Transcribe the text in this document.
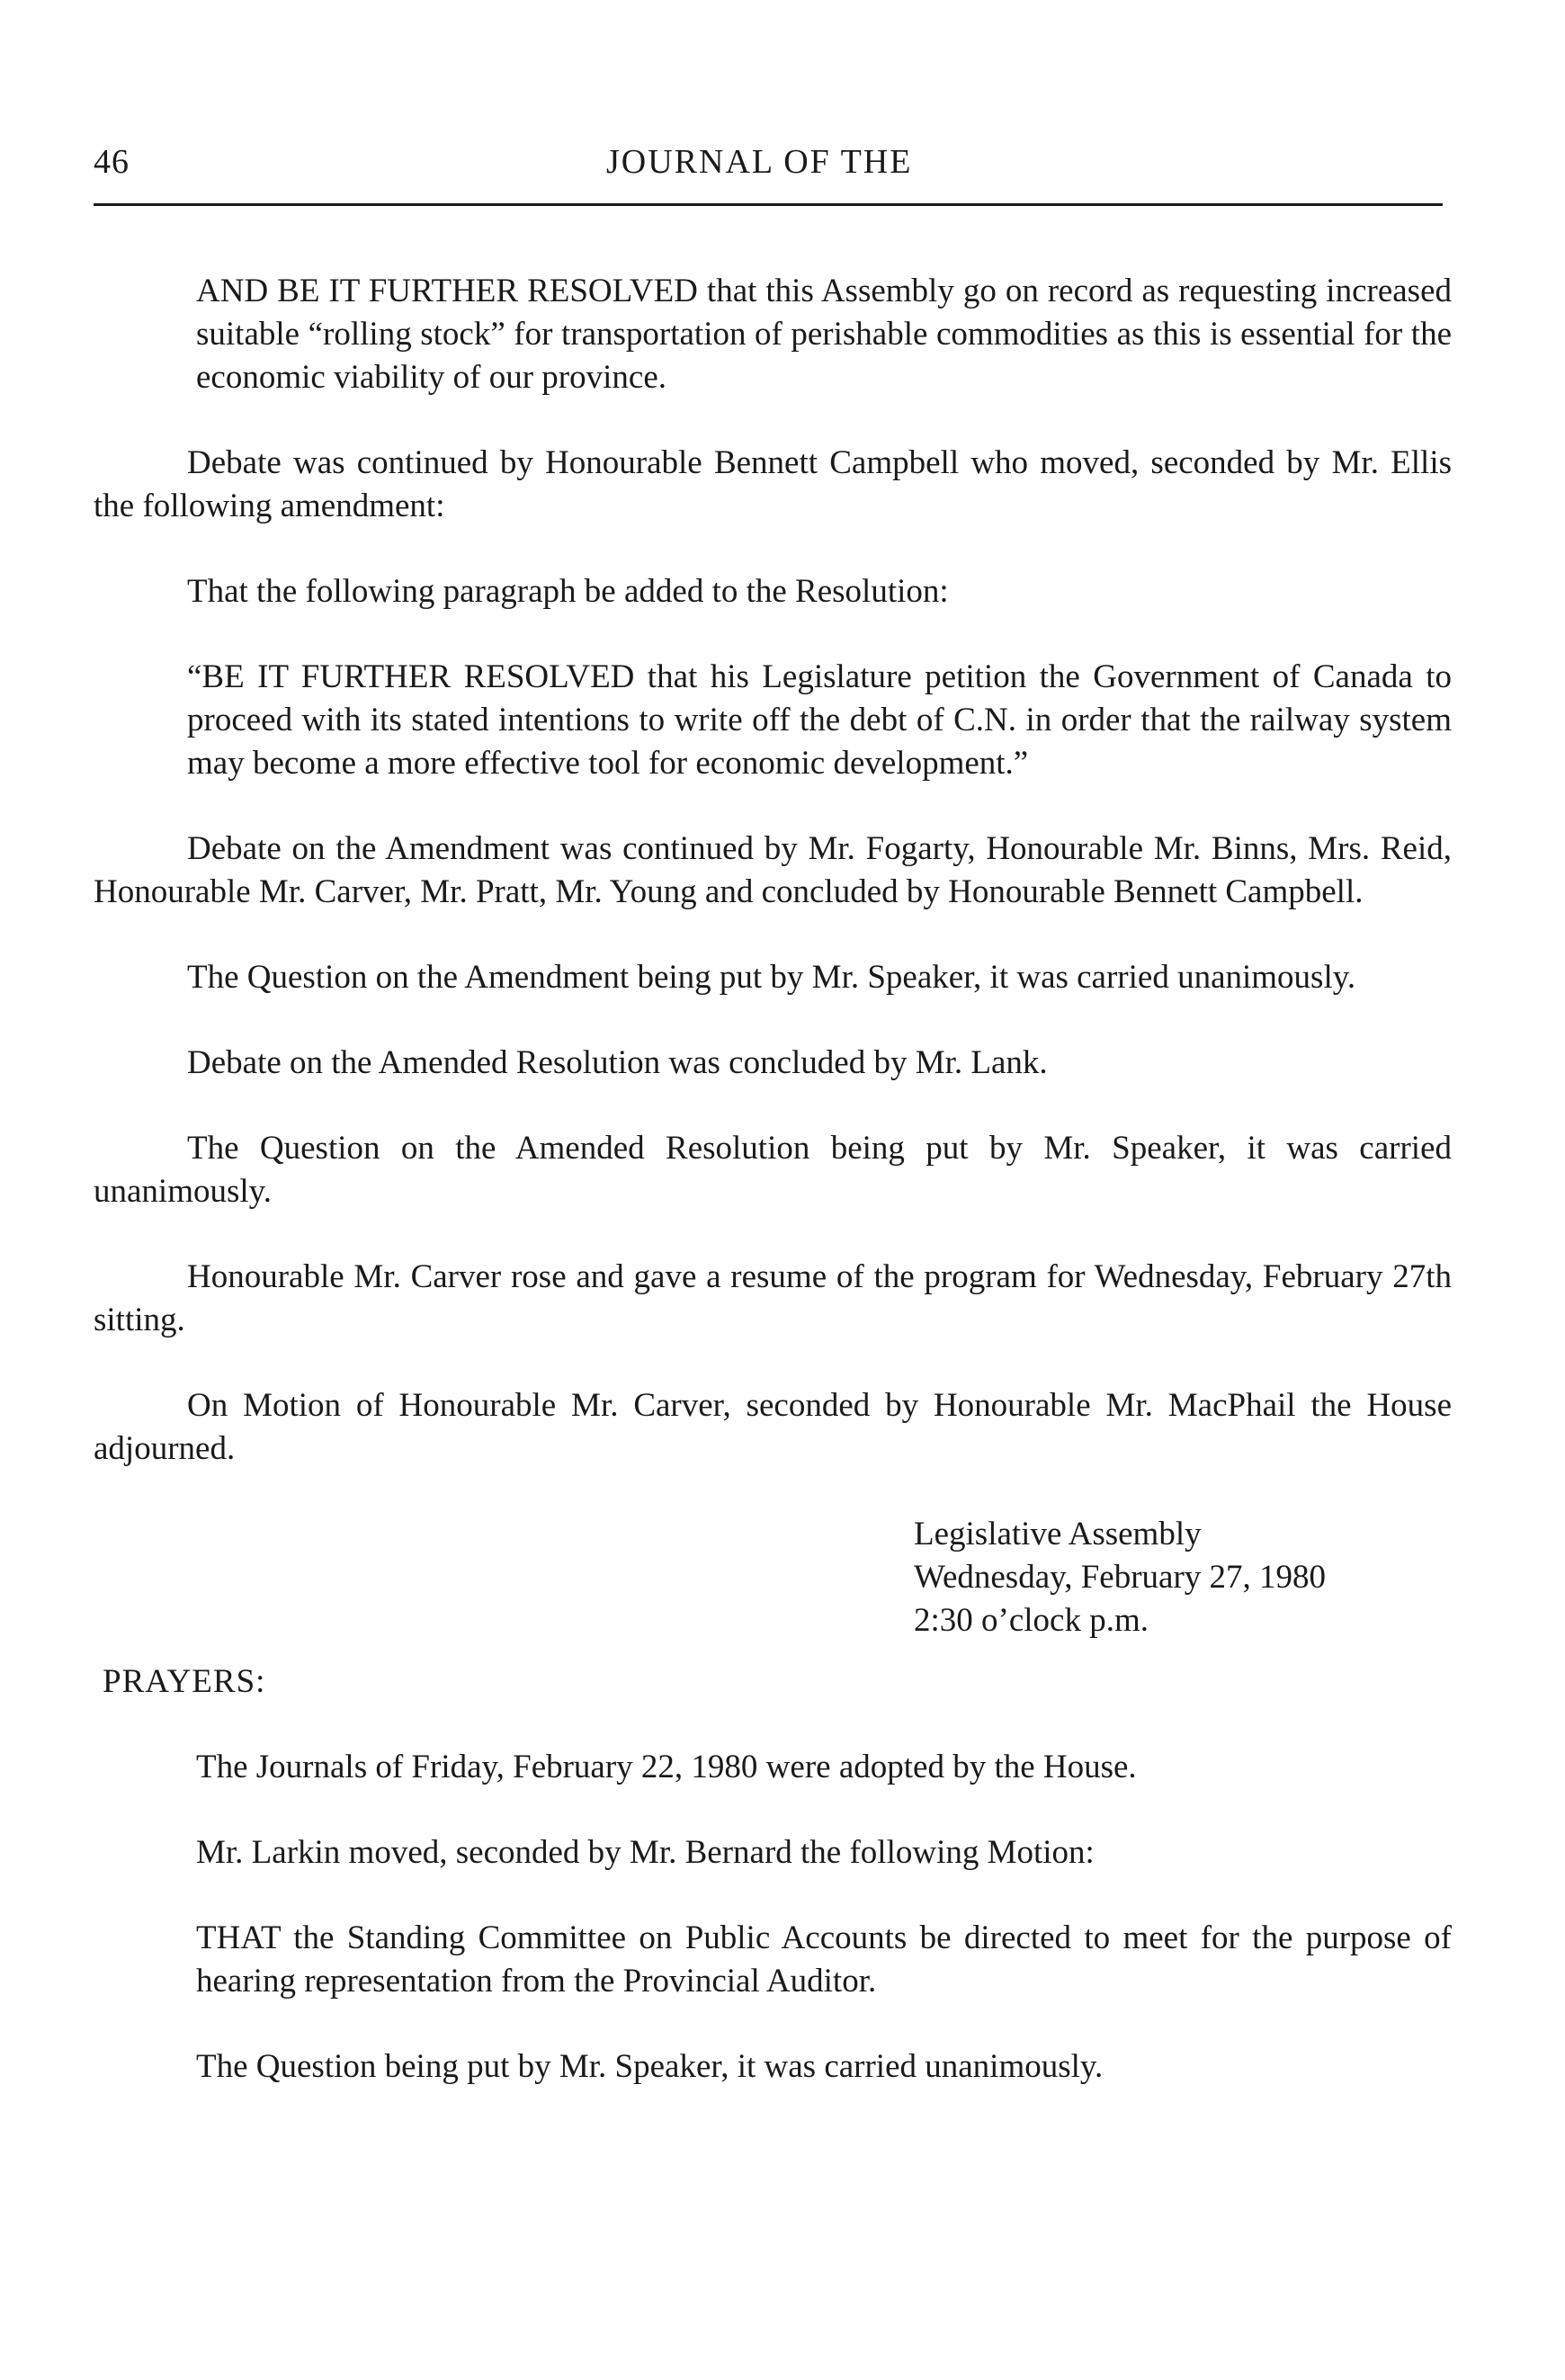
46	JOURNAL OF THE

AND BE IT FURTHER RESOLVED that this Assembly go on record as requesting increased suitable “rolling stock” for transportation of perishable commodities as this is essential for the economic viability of our province.

Debate was continued by Honourable Bennett Campbell who moved, seconded by Mr. Ellis the following amendment:

That the following paragraph be added to the Resolution:

“BE IT FURTHER RESOLVED that his Legislature petition the Government of Canada to proceed with its stated intentions to write off the debt of C.N. in order that the railway system may become a more effective tool for economic development.”

Debate on the Amendment was continued by Mr. Fogarty, Honourable Mr. Binns, Mrs. Reid, Honourable Mr. Carver, Mr. Pratt, Mr. Young and concluded by Honourable Bennett Campbell.

The Question on the Amendment being put by Mr. Speaker, it was carried unanimously.

Debate on the Amended Resolution was concluded by Mr. Lank.

The Question on the Amended Resolution being put by Mr. Speaker, it was carried unanimously.

Honourable Mr. Carver rose and gave a resume of the program for Wednesday, February 27th sitting.

On Motion of Honourable Mr. Carver, seconded by Honourable Mr. MacPhail the House adjourned.

Legislative Assembly
Wednesday, February 27, 1980
2:30 o’clock p.m.

PRAYERS:

The Journals of Friday, February 22, 1980 were adopted by the House.

Mr. Larkin moved, seconded by Mr. Bernard the following Motion:

THAT the Standing Committee on Public Accounts be directed to meet for the purpose of hearing representation from the Provincial Auditor.

The Question being put by Mr. Speaker, it was carried unanimously.
